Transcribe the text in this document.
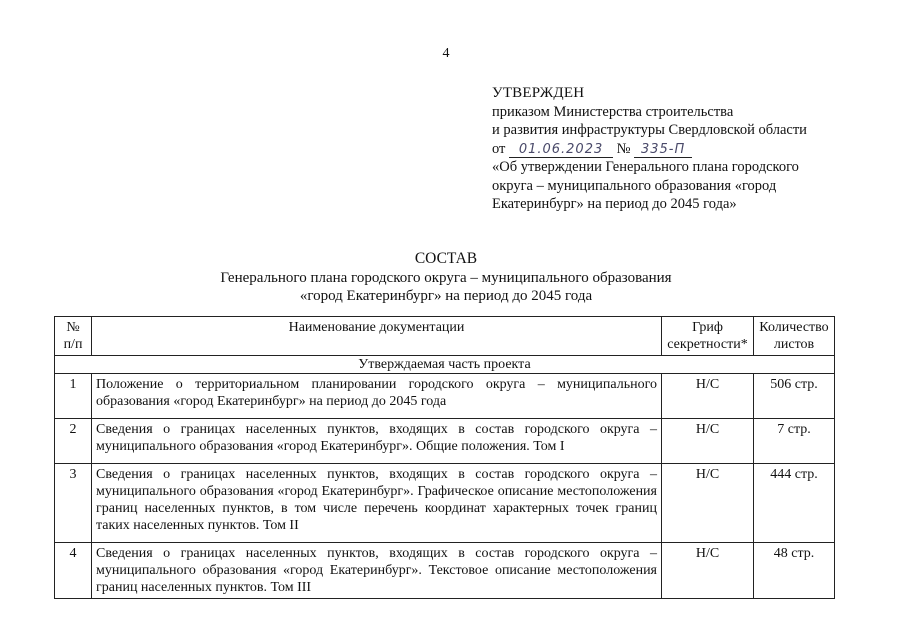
4
УТВЕРЖДЕН
приказом Министерства строительства
и развития инфраструктуры Свердловской области
от 01.06.2023 № 335-П
«Об утверждении Генерального плана городского
округа – муниципального образования «город
Екатеринбург» на период до 2045 года»
СОСТАВ
Генерального плана городского округа – муниципального образования
«город Екатеринбург» на период до 2045 года
№ п/п	Наименование документации	Гриф секретности*	Количество листов
Утверждаемая часть проекта			
1	Положение о территориальном планировании городского округа – муниципального образования «город Екатеринбург» на период до 2045 года	Н/С	506 стр.
2	Сведения о границах населенных пунктов, входящих в состав городского округа – муниципального образования «город Екатеринбург». Общие положения. Том I	Н/С	7 стр.
3	Сведения о границах населенных пунктов, входящих в состав городского округа – муниципального образования «город Екатеринбург». Графическое описание местоположения границ населенных пунктов, в том числе перечень координат характерных точек границ таких населенных пунктов. Том II	Н/С	444 стр.
4	Сведения о границах населенных пунктов, входящих в состав городского округа – муниципального образования «город Екатеринбург». Текстовое описание местоположения границ населенных пунктов. Том III	Н/С	48 стр.
